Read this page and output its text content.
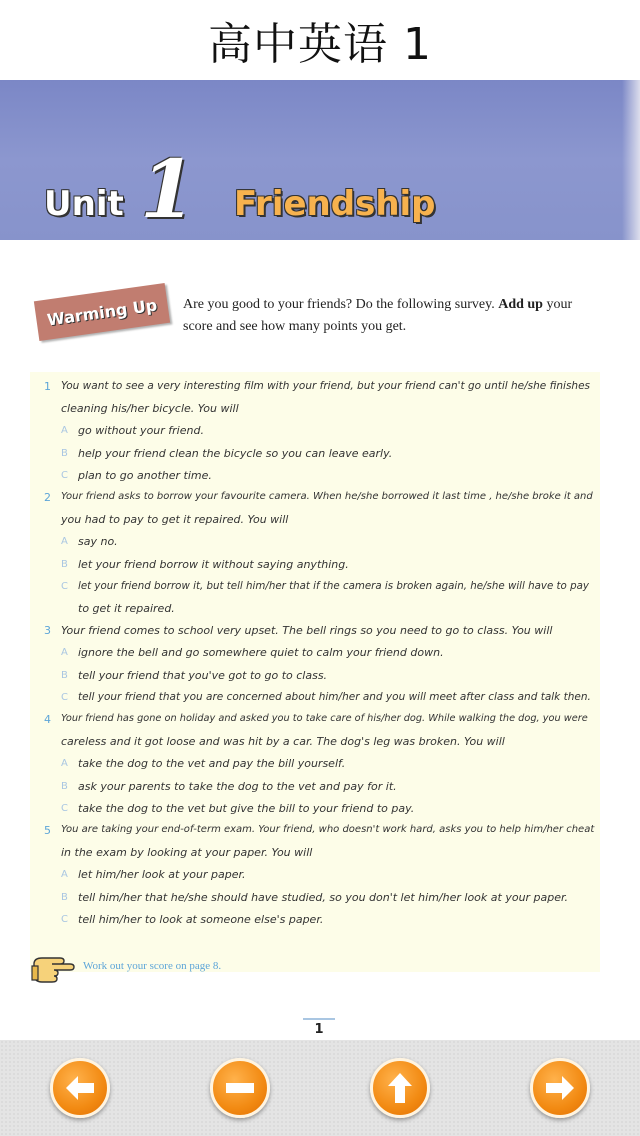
高中英语 1
Unit 1 Friendship
Warming Up Are you good to your friends? Do the following survey. Add up your score and see how many points you get.
1 You want to see a very interesting film with your friend, but your friend can't go until he/she finishes
cleaning his/her bicycle. You will
A go without your friend.
B help your friend clean the bicycle so you can leave early.
C plan to go another time.
2 Your friend asks to borrow your favourite camera. When he/she borrowed it last time , he/she broke it and
you had to pay to get it repaired. You will
A say no.
B let your friend borrow it without saying anything.
C let your friend borrow it, but tell him/her that if the camera is broken again, he/she will have to pay
to get it repaired.
3 Your friend comes to school very upset. The bell rings so you need to go to class. You will
A ignore the bell and go somewhere quiet to calm your friend down.
B tell your friend that you've got to go to class.
C tell your friend that you are concerned about him/her and you will meet after class and talk then.
4 Your friend has gone on holiday and asked you to take care of his/her dog. While walking the dog, you were
careless and it got loose and was hit by a car. The dog's leg was broken. You will
A take the dog to the vet and pay the bill yourself.
B ask your parents to take the dog to the vet and pay for it.
C take the dog to the vet but give the bill to your friend to pay.
5 You are taking your end-of-term exam. Your friend, who doesn't work hard, asks you to help him/her cheat
in the exam by looking at your paper. You will
A let him/her look at your paper.
B tell him/her that he/she should have studied, so you don't let him/her look at your paper.
C tell him/her to look at someone else's paper.
Work out your score on page 8.
1
